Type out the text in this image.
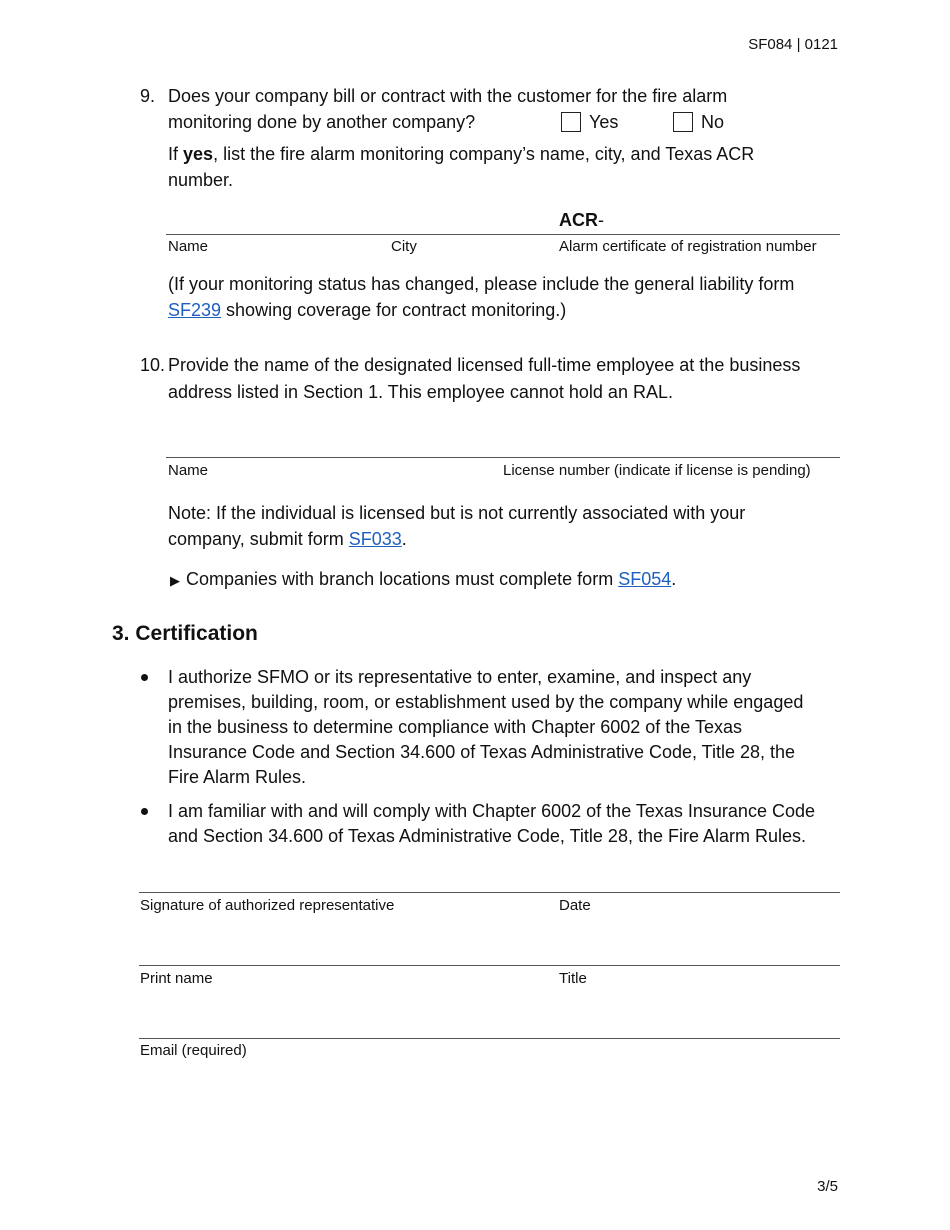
SF084 | 0121
9. Does your company bill or contract with the customer for the fire alarm
monitoring done by another company?	Yes	No
If yes, list the fire alarm monitoring company’s name, city, and Texas ACR
number.
ACR-
Name	City	Alarm certificate of registration number
(If your monitoring status has changed, please include the general liability form
SF239 showing coverage for contract monitoring.)
10. Provide the name of the designated licensed full-time employee at the business
address listed in Section 1. This employee cannot hold an RAL.
Name	License number (indicate if license is pending)
Note: If the individual is licensed but is not currently associated with your
company, submit form SF033.
▶ Companies with branch locations must complete form SF054.
3. Certification
I authorize SFMO or its representative to enter, examine, and inspect any
premises, building, room, or establishment used by the company while engaged
in the business to determine compliance with Chapter 6002 of the Texas
Insurance Code and Section 34.600 of Texas Administrative Code, Title 28, the
Fire Alarm Rules.
I am familiar with and will comply with Chapter 6002 of the Texas Insurance Code
and Section 34.600 of Texas Administrative Code, Title 28, the Fire Alarm Rules.
Signature of authorized representative	Date
Print name	Title
Email (required)
3/5
